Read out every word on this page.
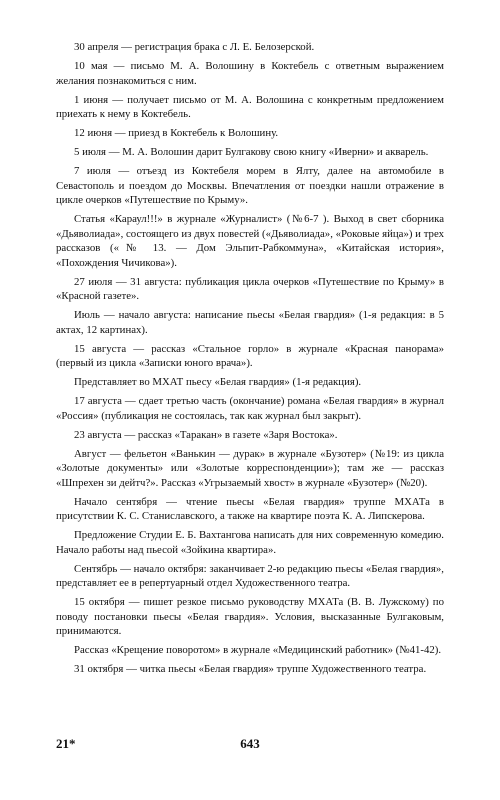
30 апреля — регистрация брака с Л. Е. Белозерской.

10 мая — письмо М. А. Волошину в Коктебель с ответным выражением желания познакомиться с ним.

1 июня — получает письмо от М. А. Волошина с конкретным предложением приехать к нему в Коктебель.

12 июня — приезд в Коктебель к Волошину.

5 июля — М. А. Волошин дарит Булгакову свою книгу «Иверни» и акварель.

7 июля — отъезд из Коктебеля морем в Ялту, далее на автомобиле в Севастополь и поездом до Москвы. Впечатления от поездки нашли отражение в цикле очерков «Путешествие по Крыму».

Статья «Караул!!!» в журнале «Журналист» (№6-7 ). Выход в свет сборника «Дьяволиада», состоящего из двух повестей («Дьяволиада», «Роковые яйца») и трех рассказов («№ 13. — Дом Эльпит-Рабкоммуна», «Китайская история», «Похождения Чичикова»).

27 июля — 31 августа: публикация цикла очерков «Путешествие по Крыму» в «Красной газете».

Июль — начало августа: написание пьесы «Белая гвардия» (1-я редакция: в 5 актах, 12 картинах).

15 августа — рассказ «Стальное горло» в журнале «Красная панорама» (первый из цикла «Записки юного врача»).

Представляет во МХАТ пьесу «Белая гвардия» (1-я редакция).

17 августа — сдает третью часть (окончание) романа «Белая гвардия» в журнал «Россия» (публикация не состоялась, так как журнал был закрыт).

23 августа — рассказ «Таракан» в газете «Заря Востока».

Август — фельетон «Ванькин — дурак» в журнале «Бузотер» (№19: из цикла «Золотые документы» или «Золотые корреспонденции»); там же — рассказ «Шпрехен зи дейтч?». Рассказ «Угрызаемый хвост» в журнале «Бузотер» (№20).

Начало сентября — чтение пьесы «Белая гвардия» труппе МХАТа в присутствии К. С. Станиславского, а также на квартире поэта К. А. Липскерова.

Предложение Студии Е. Б. Вахтангова написать для них современную комедию. Начало работы над пьесой «Зойкина квартира».

Сентябрь — начало октября: заканчивает 2-ю редакцию пьесы «Белая гвардия», представляет ее в репертуарный отдел Художественного театра.

15 октября — пишет резкое письмо руководству МХАТа (В. В. Лужскому) по поводу постановки пьесы «Белая гвардия». Условия, высказанные Булгаковым, принимаются.

Рассказ «Крещение поворотом» в журнале «Медицинский работник» (№41-42).

31 октября — читка пьесы «Белая гвардия» труппе Художественного театра.

21*	643
